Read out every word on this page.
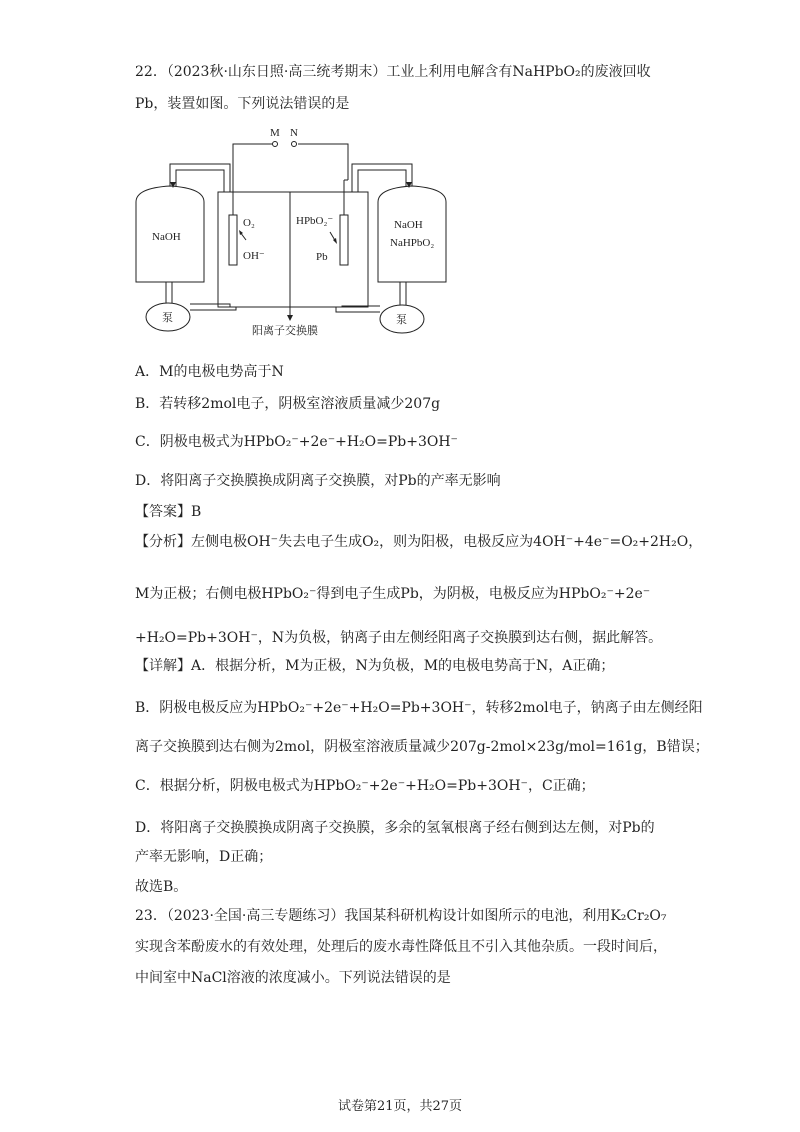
22．（2023秋·山东日照·高三统考期末）工业上利用电解含有NaHPbO₂的废液回收
Pb，装置如图。下列说法错误的是
M N
阳离子交换膜
O₂
OH⁻
HPbO₂⁻
Pb
NaOH
NaOH
NaHPbO₂
泵	泵
A．M的电极电势高于N
B．若转移2mol电子，阴极室溶液质量减少207g
C．阴极电极式为HPbO₂⁻+2e⁻+H₂O=Pb+3OH⁻
D．将阳离子交换膜换成阴离子交换膜，对Pb的产率无影响
【答案】B
【分析】左侧电极OH⁻失去电子生成O₂，则为阳极，电极反应为4OH⁻+4e⁻=O₂+2H₂O，
M为正极；右侧电极HPbO₂⁻得到电子生成Pb，为阴极，电极反应为HPbO₂⁻+2e⁻
+H₂O=Pb+3OH⁻，N为负极，钠离子由左侧经阳离子交换膜到达右侧，据此解答。
【详解】A．根据分析，M为正极，N为负极，M的电极电势高于N，A正确；
B．阴极电极反应为HPbO₂⁻+2e⁻+H₂O=Pb+3OH⁻，转移2mol电子，钠离子由左侧经阳
离子交换膜到达右侧为2mol，阴极室溶液质量减少207g-2mol×23g/mol=161g，B错误；
C．根据分析，阴极电极式为HPbO₂⁻+2e⁻+H₂O=Pb+3OH⁻，C正确；
D．将阳离子交换膜换成阴离子交换膜，多余的氢氧根离子经右侧到达左侧，对Pb的
产率无影响，D正确；
故选B。
23．（2023·全国·高三专题练习）我国某科研机构设计如图所示的电池，利用K₂Cr₂O₇
实现含苯酚废水的有效处理，处理后的废水毒性降低且不引入其他杂质。一段时间后，
中间室中NaCl溶液的浓度减小。下列说法错误的是
试卷第21页，共27页
